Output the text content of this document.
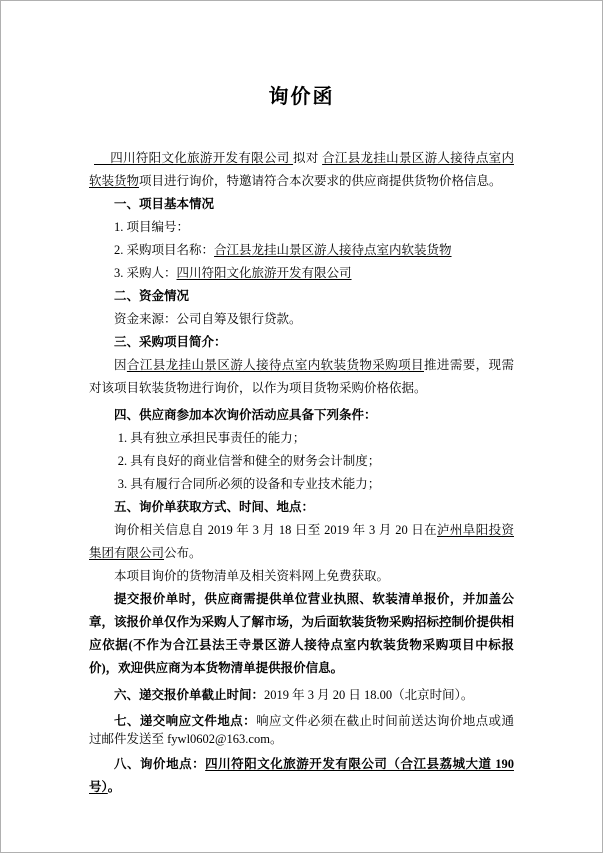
询价函

　 四川符阳文化旅游开发有限公司 拟对 合江县龙挂山景区游人接待点室内软装货物项目进行询价，特邀请符合本次要求的供应商提供货物价格信息。

一、项目基本情况

1. 项目编号：

2. 采购项目名称：合江县龙挂山景区游人接待点室内软装货物

3. 采购人：四川符阳文化旅游开发有限公司

二、资金情况

资金来源：公司自筹及银行贷款。

三、采购项目简介：

因合江县龙挂山景区游人接待点室内软装货物采购项目推进需要，现需对该项目软装货物进行询价，以作为项目货物采购价格依据。

四、供应商参加本次询价活动应具备下列条件：

1. 具有独立承担民事责任的能力；

2. 具有良好的商业信誉和健全的财务会计制度；

3. 具有履行合同所必须的设备和专业技术能力；

五、询价单获取方式、时间、地点：

询价相关信息自 2019 年 3 月 18 日至 2019 年 3 月 20 日在泸州阜阳投资集团有限公司公布。

本项目询价的货物清单及相关资料网上免费获取。

提交报价单时，供应商需提供单位营业执照、软装清单报价，并加盖公章，该报价单仅作为采购人了解市场，为后面软装货物采购招标控制价提供相应依据(不作为合江县法王寺景区游人接待点室内软装货物采购项目中标报价)，欢迎供应商为本货物清单提供报价信息。

六、递交报价单截止时间：2019 年 3 月 20 日 18.00（北京时间）。

七、递交响应文件地点：响应文件必须在截止时间前送达询价地点或通过邮件发送至 fywl0602@163.com。

八、询价地点：四川符阳文化旅游开发有限公司（合江县荔城大道 190 号）。
